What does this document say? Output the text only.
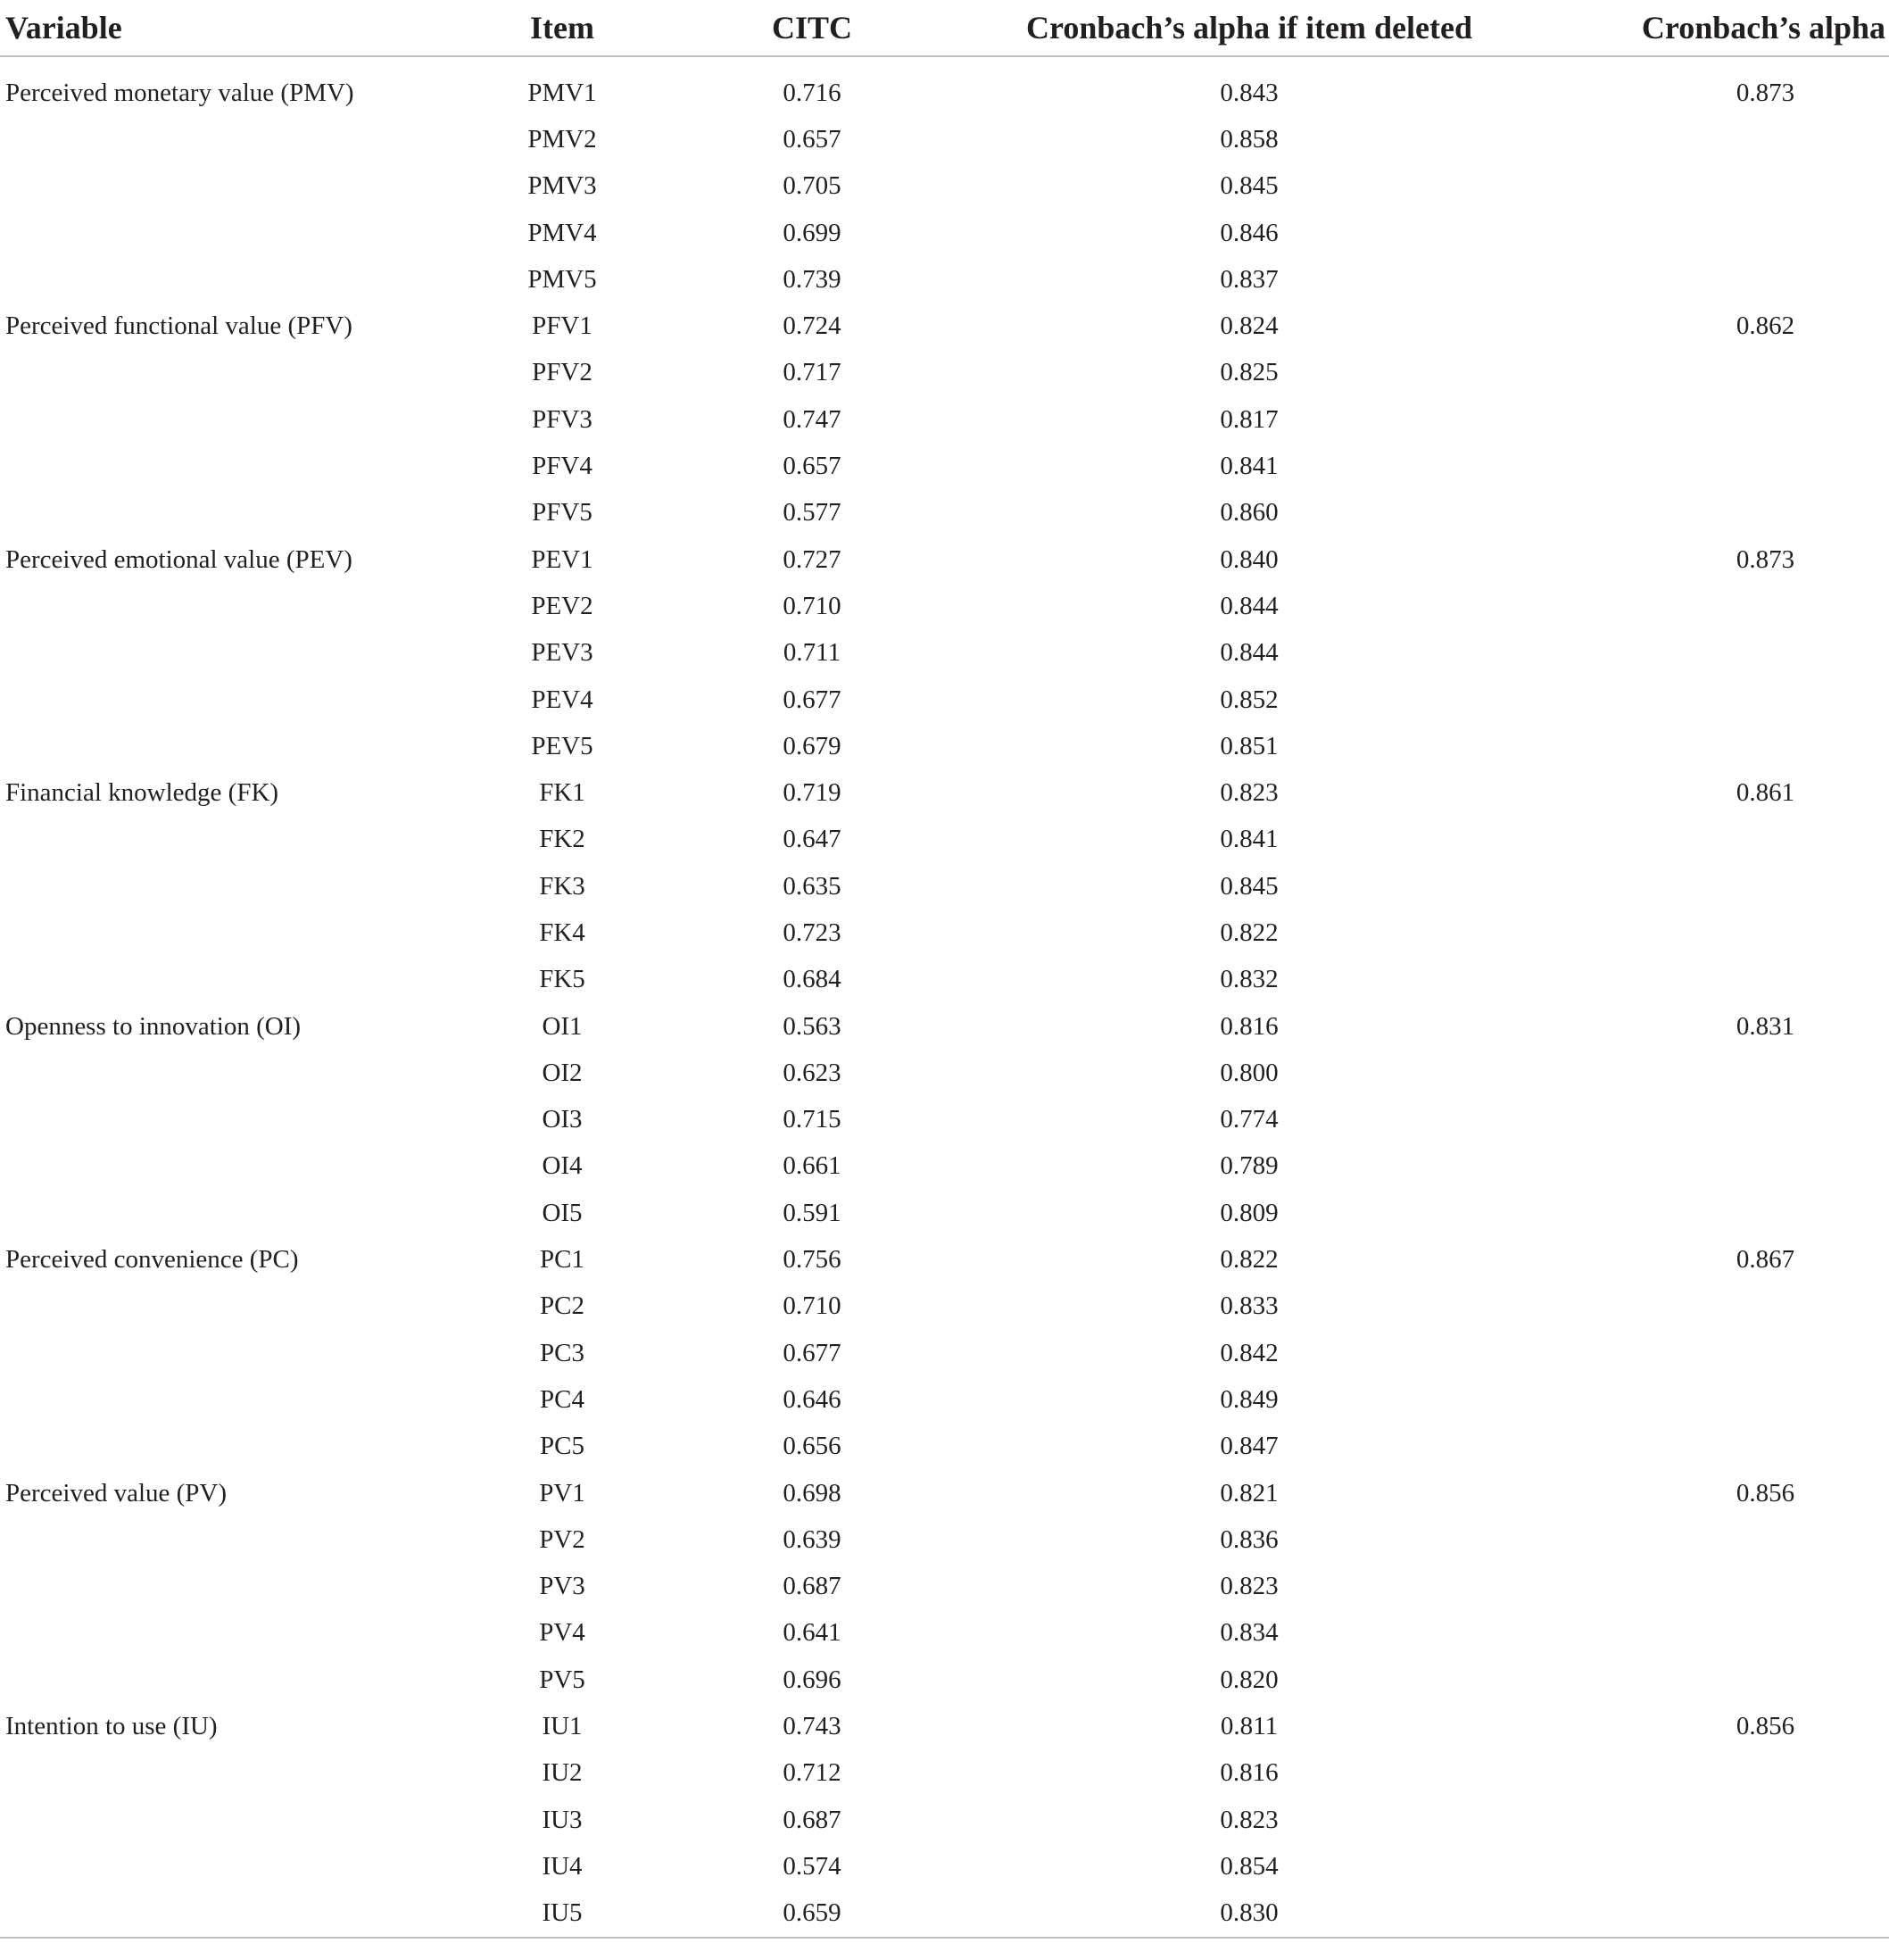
Variable	Item	CITC	Cronbach’s alpha if item deleted	Cronbach’s alpha

Perceived monetary value (PMV)	PMV1	0.716	0.843	0.873
	PMV2	0.657	0.858	
	PMV3	0.705	0.845	
	PMV4	0.699	0.846	
	PMV5	0.739	0.837	
Perceived functional value (PFV)	PFV1	0.724	0.824	0.862
	PFV2	0.717	0.825	
	PFV3	0.747	0.817	
	PFV4	0.657	0.841	
	PFV5	0.577	0.860	
Perceived emotional value (PEV)	PEV1	0.727	0.840	0.873
	PEV2	0.710	0.844	
	PEV3	0.711	0.844	
	PEV4	0.677	0.852	
	PEV5	0.679	0.851	
Financial knowledge (FK)	FK1	0.719	0.823	0.861
	FK2	0.647	0.841	
	FK3	0.635	0.845	
	FK4	0.723	0.822	
	FK5	0.684	0.832	
Openness to innovation (OI)	OI1	0.563	0.816	0.831
	OI2	0.623	0.800	
	OI3	0.715	0.774	
	OI4	0.661	0.789	
	OI5	0.591	0.809	
Perceived convenience (PC)	PC1	0.756	0.822	0.867
	PC2	0.710	0.833	
	PC3	0.677	0.842	
	PC4	0.646	0.849	
	PC5	0.656	0.847	
Perceived value (PV)	PV1	0.698	0.821	0.856
	PV2	0.639	0.836	
	PV3	0.687	0.823	
	PV4	0.641	0.834	
	PV5	0.696	0.820	
Intention to use (IU)	IU1	0.743	0.811	0.856
	IU2	0.712	0.816	
	IU3	0.687	0.823	
	IU4	0.574	0.854	
	IU5	0.659	0.830	
